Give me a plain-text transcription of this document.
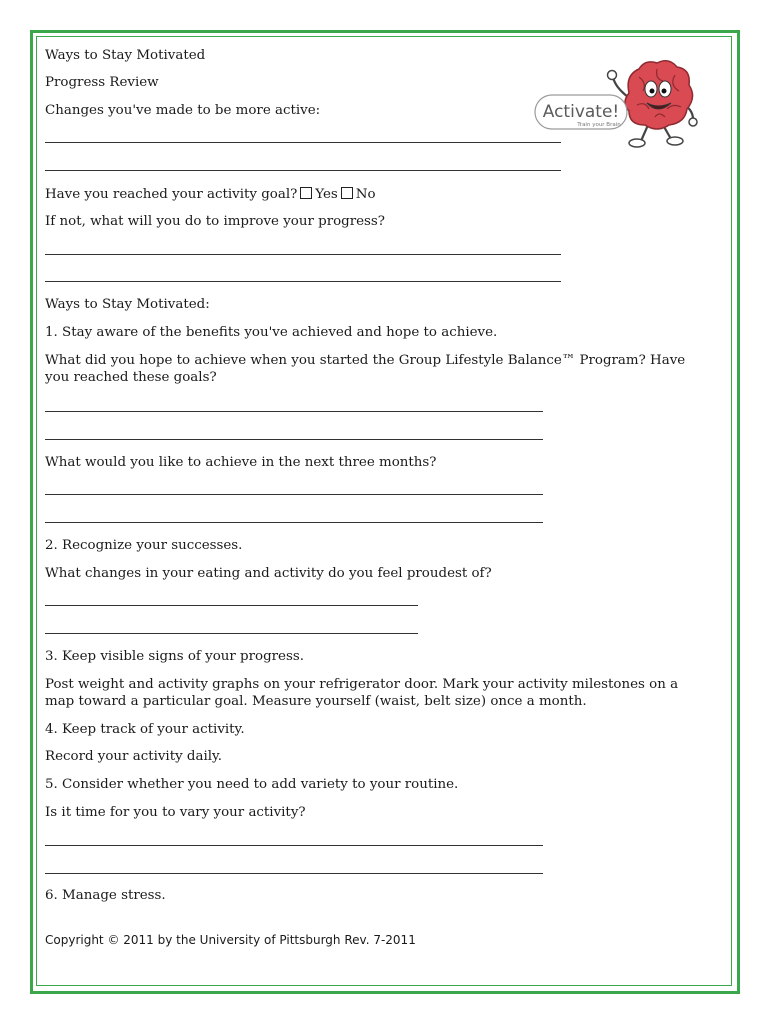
Activate!
Train your Brain
Ways to Stay Motivated
Progress Review
Changes you've made to be more active:
Have you reached your activity goal? Yes No
If not, what will you do to improve your progress?
Ways to Stay Motivated:
1. Stay aware of the benefits you've achieved and hope to achieve.
What did you hope to achieve when you started the Group Lifestyle Balance™ Program? Have you reached these goals?
What would you like to achieve in the next three months?
2. Recognize your successes.
What changes in your eating and activity do you feel proudest of?
3. Keep visible signs of your progress.
Post weight and activity graphs on your refrigerator door. Mark your activity milestones on a map toward a particular goal. Measure yourself (waist, belt size) once a month.
4. Keep track of your activity.
Record your activity daily.
5. Consider whether you need to add variety to your routine.
Is it time for you to vary your activity?
6. Manage stress.
Copyright © 2011 by the University of Pittsburgh Rev. 7-2011
